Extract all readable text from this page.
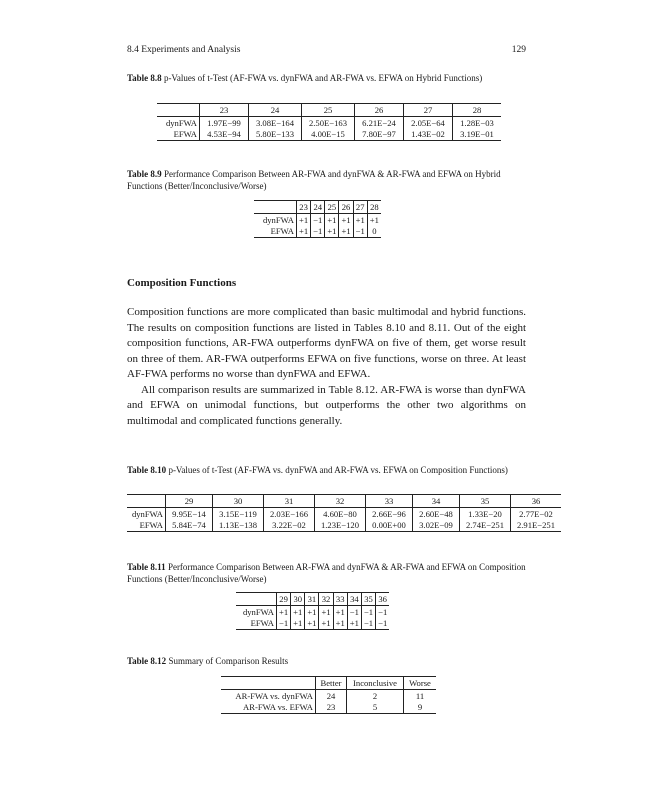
8.4 Experiments and Analysis	129
Table 8.8 p-Values of t-Test (AF-FWA vs. dynFWA and AR-FWA vs. EFWA on Hybrid Functions)
	23	24	25	26	27	28
dynFWA	1.97E−99	3.08E−164	2.50E−163	6.21E−24	2.05E−64	1.28E−03
EFWA	4.53E−94	5.80E−133	4.00E−15	7.80E−97	1.43E−02	3.19E−01
Table 8.9 Performance Comparison Between AR-FWA and dynFWA & AR-FWA and EFWA on Hybrid Functions (Better/Inconclusive/Worse)
	23	24	25	26	27	28
dynFWA	+1	−1	+1	+1	+1	+1
EFWA	+1	−1	+1	+1	−1	0
Composition Functions

Composition functions are more complicated than basic multimodal and hybrid functions. The results on composition functions are listed in Tables 8.10 and 8.11. Out of the eight composition functions, AR-FWA outperforms dynFWA on five of them, get worse result on three of them. AR-FWA outperforms EFWA on five functions, worse on three. At least AF-FWA performs no worse than dynFWA and EFWA.

All comparison results are summarized in Table 8.12. AR-FWA is worse than dynFWA and EFWA on unimodal functions, but outperforms the other two algorithms on multimodal and complicated functions generally.

Table 8.10 p-Values of t-Test (AF-FWA vs. dynFWA and AR-FWA vs. EFWA on Composition Functions)
	29	30	31	32	33	34	35	36
dynFWA	9.95E−14	3.15E−119	2.03E−166	4.60E−80	2.66E−96	2.60E−48	1.33E−20	2.77E−02
EFWA	5.84E−74	1.13E−138	3.22E−02	1.23E−120	0.00E+00	3.02E−09	2.74E−251	2.91E−251
Table 8.11 Performance Comparison Between AR-FWA and dynFWA & AR-FWA and EFWA on Composition Functions (Better/Inconclusive/Worse)
	29	30	31	32	33	34	35	36
dynFWA	+1	+1	+1	+1	+1	−1	−1	−1
EFWA	−1	+1	+1	+1	+1	+1	−1	−1
Table 8.12 Summary of Comparison Results
	Better	Inconclusive	Worse
AR-FWA vs. dynFWA	24	2	11
AR-FWA vs. EFWA	23	5	9
